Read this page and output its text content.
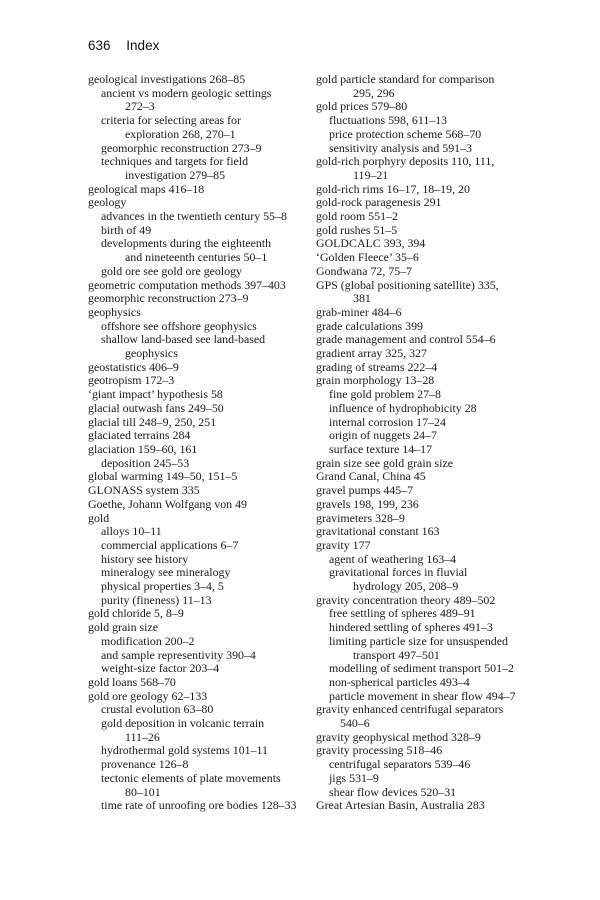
636 Index
geological investigations 268–85
ancient vs modern geologic settings
272–3
criteria for selecting areas for
exploration 268, 270–1
geomorphic reconstruction 273–9
techniques and targets for field
investigation 279–85
geological maps 416–18
geology
advances in the twentieth century 55–8
birth of 49
developments during the eighteenth
and nineteenth centuries 50–1
gold ore see gold ore geology
geometric computation methods 397–403
geomorphic reconstruction 273–9
geophysics
offshore see offshore geophysics
shallow land-based see land-based
geophysics
geostatistics 406–9
geotropism 172–3
‘giant impact’ hypothesis 58
glacial outwash fans 249–50
glacial till 248–9, 250, 251
glaciated terrains 284
glaciation 159–60, 161
deposition 245–53
global warming 149–50, 151–5
GLONASS system 335
Goethe, Johann Wolfgang von 49
gold
alloys 10–11
commercial applications 6–7
history see history
mineralogy see mineralogy
physical properties 3–4, 5
purity (fineness) 11–13
gold chloride 5, 8–9
gold grain size
modification 200–2
and sample representivity 390–4
weight-size factor 203–4
gold loans 568–70
gold ore geology 62–133
crustal evolution 63–80
gold deposition in volcanic terrain
111–26
hydrothermal gold systems 101–11
provenance 126–8
tectonic elements of plate movements
80–101
time rate of unroofing ore bodies 128–33
gold particle standard for comparison
295, 296
gold prices 579–80
fluctuations 598, 611–13
price protection scheme 568–70
sensitivity analysis and 591–3
gold-rich porphyry deposits 110, 111,
119–21
gold-rich rims 16–17, 18–19, 20
gold-rock paragenesis 291
gold room 551–2
gold rushes 51–5
GOLDCALC 393, 394
‘Golden Fleece’ 35–6
Gondwana 72, 75–7
GPS (global positioning satellite) 335,
381
grab-miner 484–6
grade calculations 399
grade management and control 554–6
gradient array 325, 327
grading of streams 222–4
grain morphology 13–28
fine gold problem 27–8
influence of hydrophobicity 28
internal corrosion 17–24
origin of nuggets 24–7
surface texture 14–17
grain size see gold grain size
Grand Canal, China 45
gravel pumps 445–7
gravels 198, 199, 236
gravimeters 328–9
gravitational constant 163
gravity 177
agent of weathering 163–4
gravitational forces in fluvial
hydrology 205, 208–9
gravity concentration theory 489–502
free settling of spheres 489–91
hindered settling of spheres 491–3
limiting particle size for unsuspended
transport 497–501
modelling of sediment transport 501–2
non-spherical particles 493–4
particle movement in shear flow 494–7
gravity enhanced centrifugal separators
540–6
gravity geophysical method 328–9
gravity processing 518–46
centrifugal separators 539–46
jigs 531–9
shear flow devices 520–31
Great Artesian Basin, Australia 283
